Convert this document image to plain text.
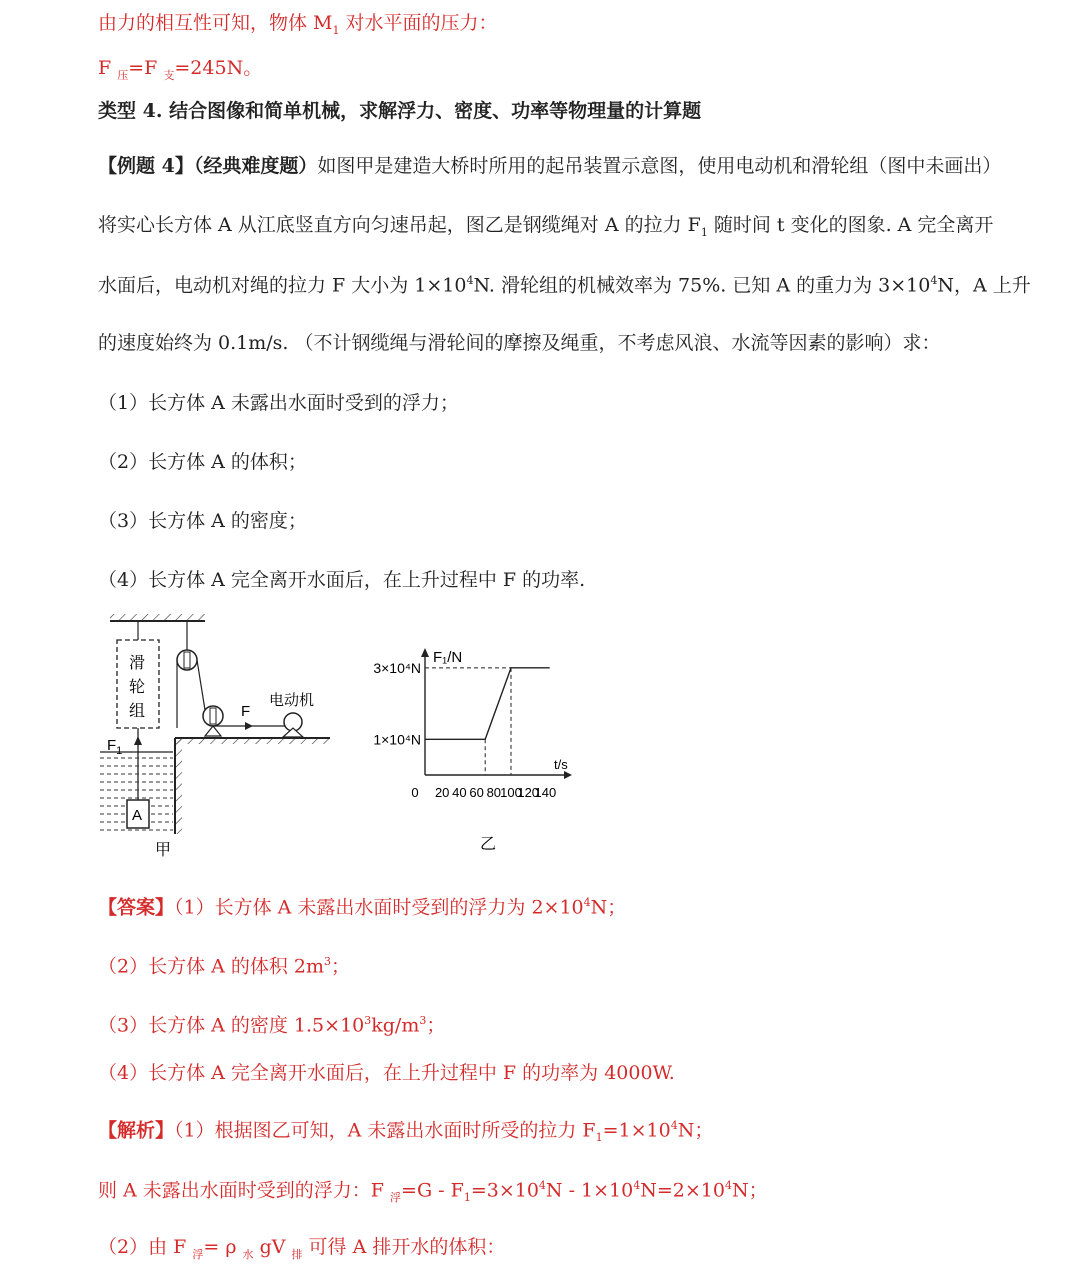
由力的相互性可知，物体 $M_1$ 对水平面的压力：
F $_压$=F $_支$=245N。
类型 4. 结合图像和简单机械，求解浮力、密度、功率等物理量的计算题
【例题 4】（经典难度题）如图甲是建造大桥时所用的起吊装置示意图，使用电动机和滑轮组（图中未画出）
将实心长方体 A 从江底竖直方向匀速吊起，图乙是钢缆绳对 A 的拉力 $F_1$ 随时间 t 变化的图象. A 完全离开
水面后，电动机对绳的拉力 F 大小为 $1\times 10^4N$. 滑轮组的机械效率为 75%. 已知 A 的重力为 $3\times 10^4N$，A 上升
的速度始终为 0.1m/s. （不计钢缆绳与滑轮间的摩擦及绳重，不考虑风浪、水流等因素的影响）求：
（1）长方体 A 未露出水面时受到的浮力；
（2）长方体 A 的体积；
（3）长方体 A 的密度；
（4）长方体 A 完全离开水面后，在上升过程中 F 的功率.
滑
轮
组	F
电动机
$F_1$
A
甲
F₁/N
t/s
0 20 40 60 80 100
120
140
1×10⁴N
3×10⁴N
乙
【答案】（1）长方体 A 未露出水面时受到的浮力为 $2\times 10^4N$；
（2）长方体 A 的体积 $2m^3$；
（3）长方体 A 的密度 $1.5\times 10^3kg/m^3$；
（4）长方体 A 完全离开水面后，在上升过程中 F 的功率为 4000W.
【解析】（1）根据图乙可知，A 未露出水面时所受的拉力 $F_1=1\times 10^4N$；
则 A 未露出水面时受到的浮力：F $_浮=G - F_1=3\times 10^4N - 1\times 10^4N=2\times 10^4N$；
（2）由 F $_浮$= ρ $_水$ gV $_排$ 可得 A 排开水的体积：
